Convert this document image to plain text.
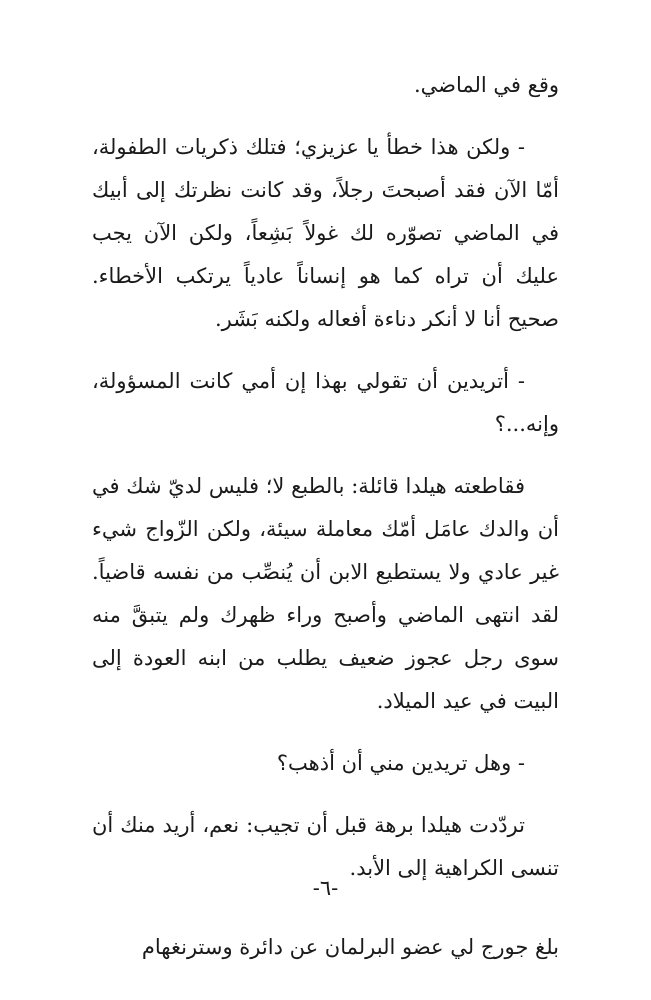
وقع في الماضي.

- ولكن هذا خطأ يا عزيزي؛ فتلك ذكريات الطفولة، أمّا الآن فقد أصبحتَ رجلاً، وقد كانت نظرتك إلى أبيك في الماضي تصوّره لك غولاً بَشِعاً، ولكن الآن يجب عليك أن تراه كما هو إنساناً عادياً يرتكب الأخطاء. صحيح أنا لا أنكر دناءة أفعاله ولكنه بَشَر.

- أتريدين أن تقولي بهذا إن أمي كانت المسؤولة، وإنه...؟

فقاطعته هيلدا قائلة: بالطبع لا؛ فليس لديّ شك في أن والدك عامَل أمّك معاملة سيئة، ولكن الزّواج شيء غير عادي ولا يستطيع الابن أن يُنصِّب من نفسه قاضياً. لقد انتهى الماضي وأصبح وراء ظهرك ولم يتبقَّ منه سوى رجل عجوز ضعيف يطلب من ابنه العودة إلى البيت في عيد الميلاد.

- وهل تريدين مني أن أذهب؟

تردّدت هيلدا برهة قبل أن تجيب: نعم، أريد منك أن تنسى الكراهية إلى الأبد.

-٦-
بلغ جورج لي عضو البرلمان عن دائرة وسترنغهام
